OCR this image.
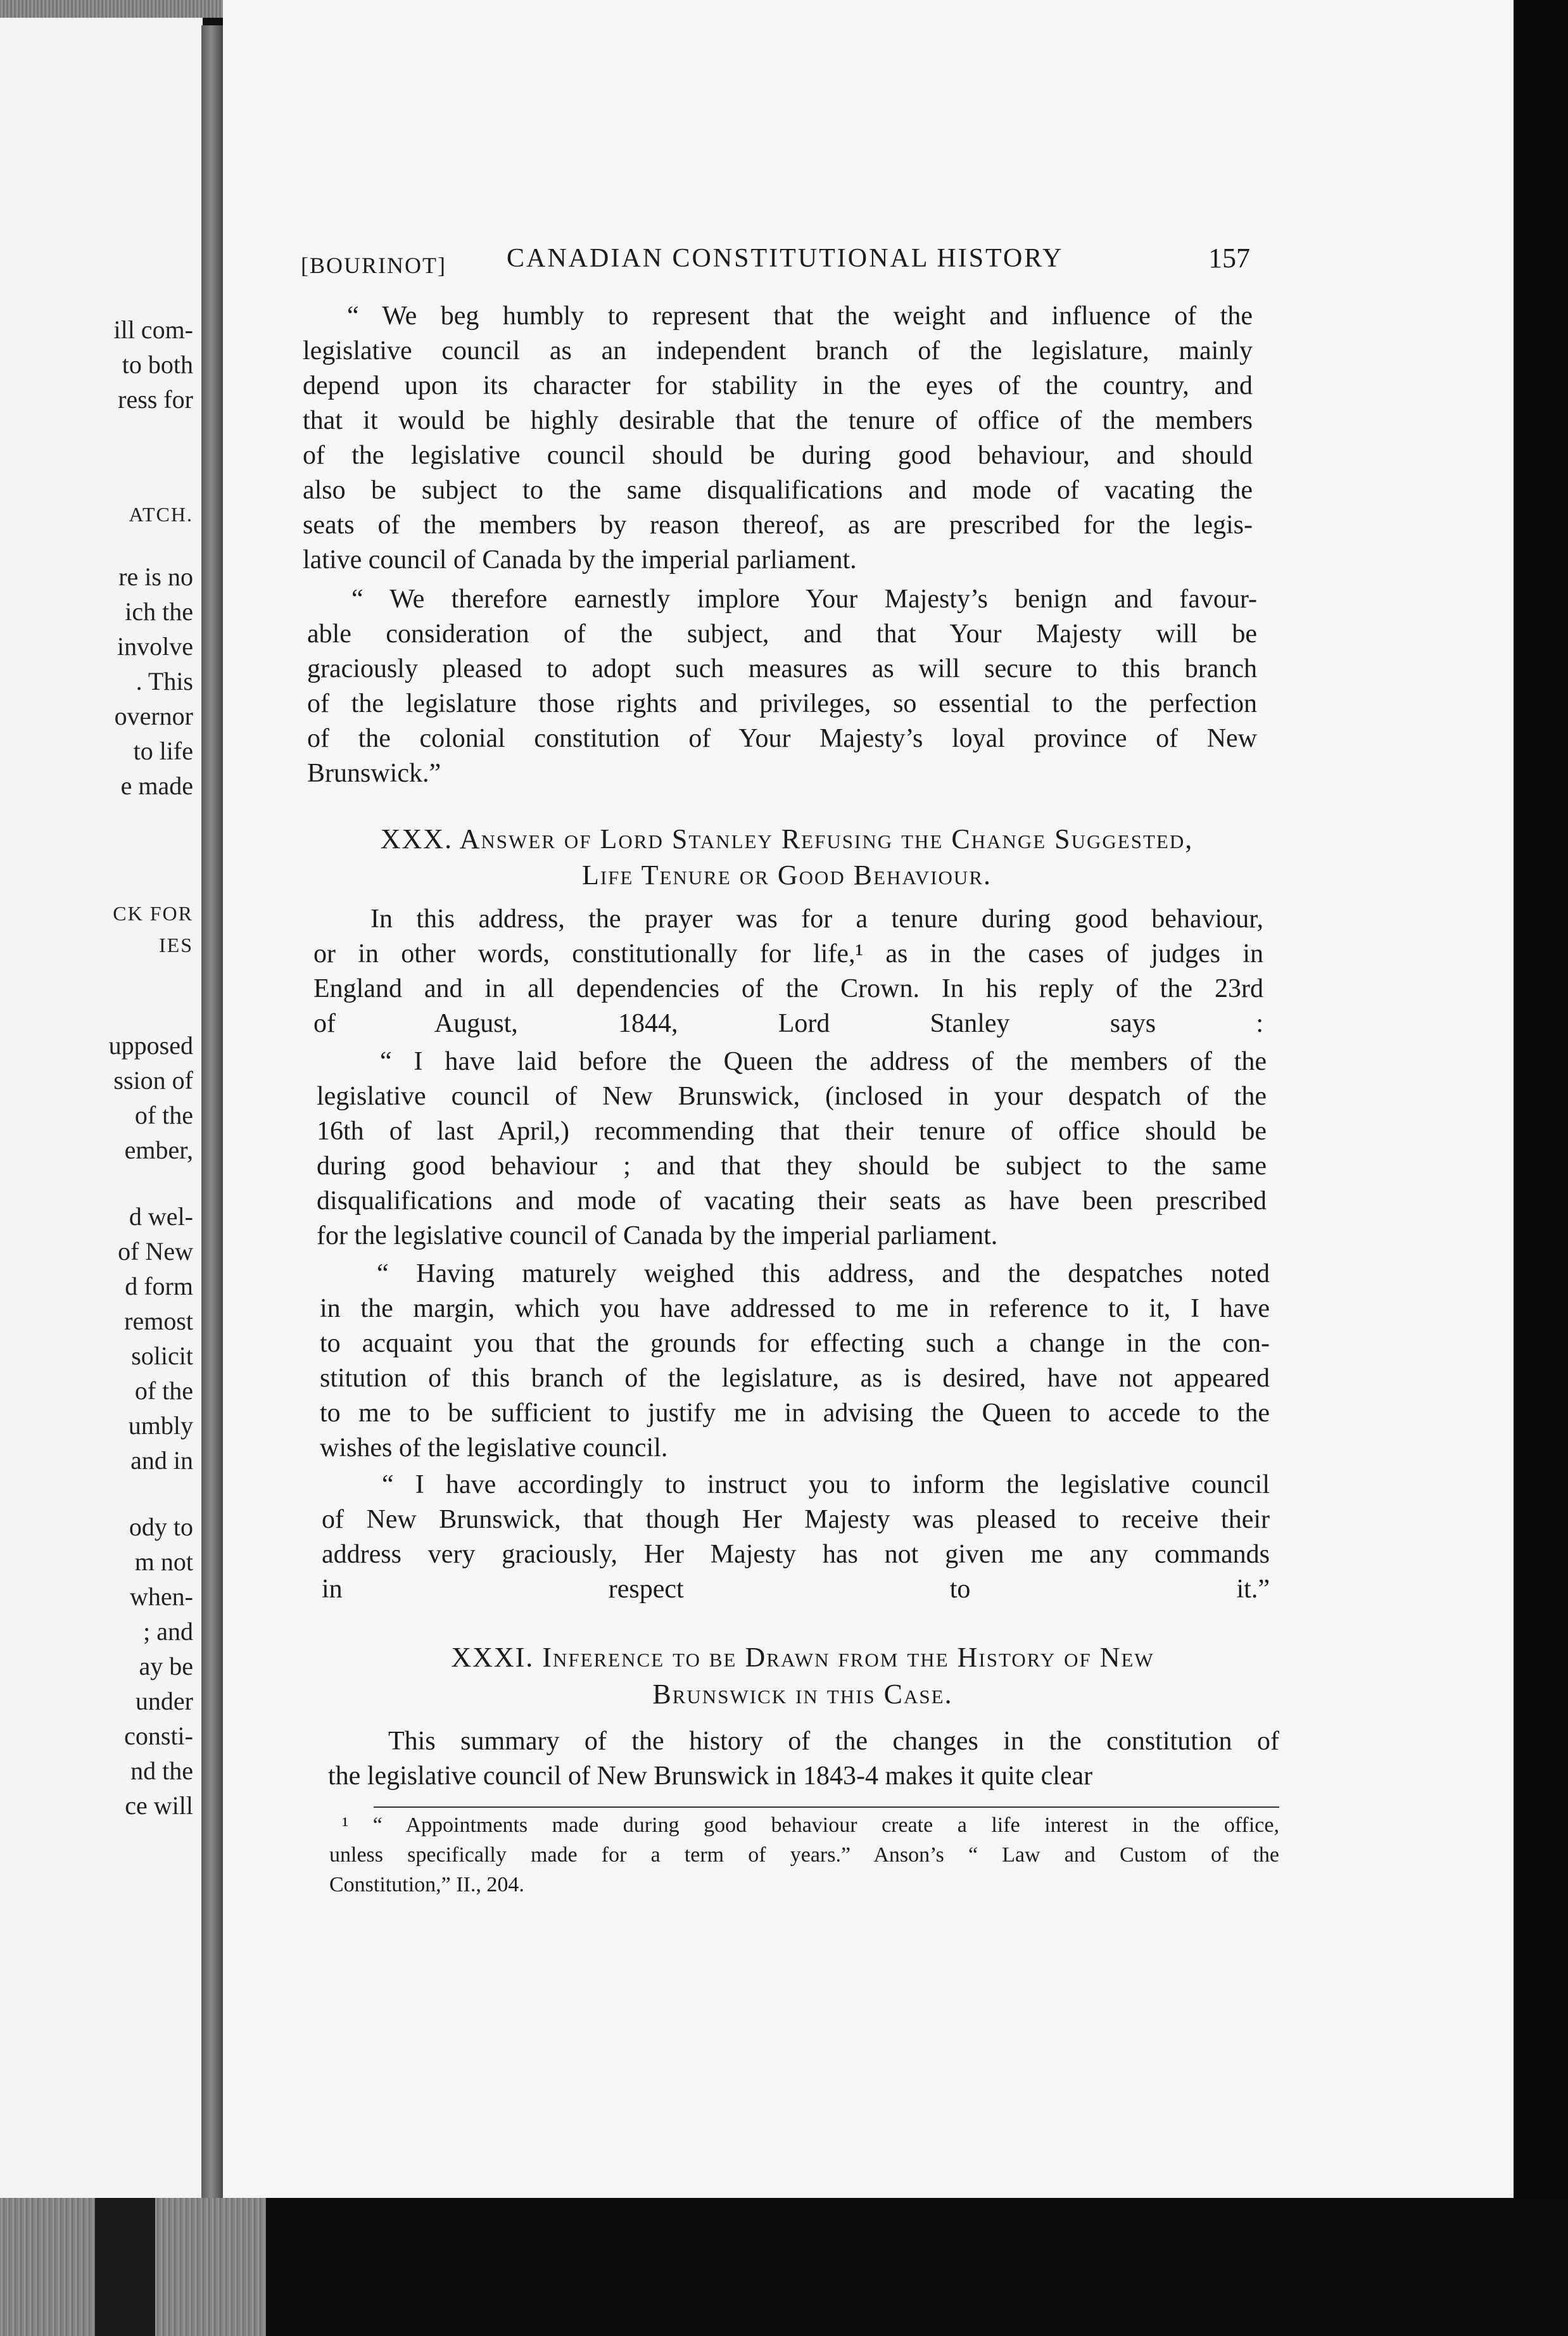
ill com-
to both
ress for
ATCH.
re is no
ich the
involve
. This
overnor
to life
e made
CK FOR
IES
upposed
ssion of
of the
ember,
d wel-
of New
d form
remost
solicit
of the
umbly
and in
ody to
m not
when-
; and
ay be
under
consti-
nd the
ce will
[BOURINOT] CANADIAN CONSTITUTIONAL HISTORY	157
“ We beg humbly to represent that the weight and influence of the
legislative council as an independent branch of the legislature, mainly
depend upon its character for stability in the eyes of the country, and
that it would be highly desirable that the tenure of office of the members
of the legislative council should be during good behaviour, and should
also be subject to the same disqualifications and mode of vacating the
seats of the members by reason thereof, as are prescribed for the legis-
lative council of Canada by the imperial parliament.
“ We therefore earnestly implore Your Majesty’s benign and favour-
able consideration of the subject, and that Your Majesty will be
graciously pleased to adopt such measures as will secure to this branch
of the legislature those rights and privileges, so essential to the perfection
of the colonial constitution of Your Majesty’s loyal province of New
Brunswick.”
In this address, the prayer was for a tenure during good behaviour,
or in other words, constitutionally for life,¹ as in the cases of judges in
England and in all dependencies of the Crown. In his reply of the 23rd
of August, 1844, Lord Stanley says :
“ I have laid before the Queen the address of the members of the
legislative council of New Brunswick, (inclosed in your despatch of the
16th of last April,) recommending that their tenure of office should be
during good behaviour ; and that they should be subject to the same
disqualifications and mode of vacating their seats as have been prescribed
for the legislative council of Canada by the imperial parliament.
“ Having maturely weighed this address, and the despatches noted
in the margin, which you have addressed to me in reference to it, I have
to acquaint you that the grounds for effecting such a change in the con-
stitution of this branch of the legislature, as is desired, have not appeared
to me to be sufficient to justify me in advising the Queen to accede to the
wishes of the legislative council.
“ I have accordingly to instruct you to inform the legislative council
of New Brunswick, that though Her Majesty was pleased to receive their
address very graciously, Her Majesty has not given me any commands
in respect to it.”
This summary of the history of the changes in the constitution of
the legislative council of New Brunswick in 1843-4 makes it quite clear
XXX. Answer of Lord Stanley Refusing the Change Suggested,
Life Tenure or Good Behaviour.
XXXI. Inference to be Drawn from the History of New
Brunswick in this Case.
¹ “ Appointments made during good behaviour create a life interest in the office,
unless specifically made for a term of years.” Anson’s “ Law and Custom of the
Constitution,” II., 204.
